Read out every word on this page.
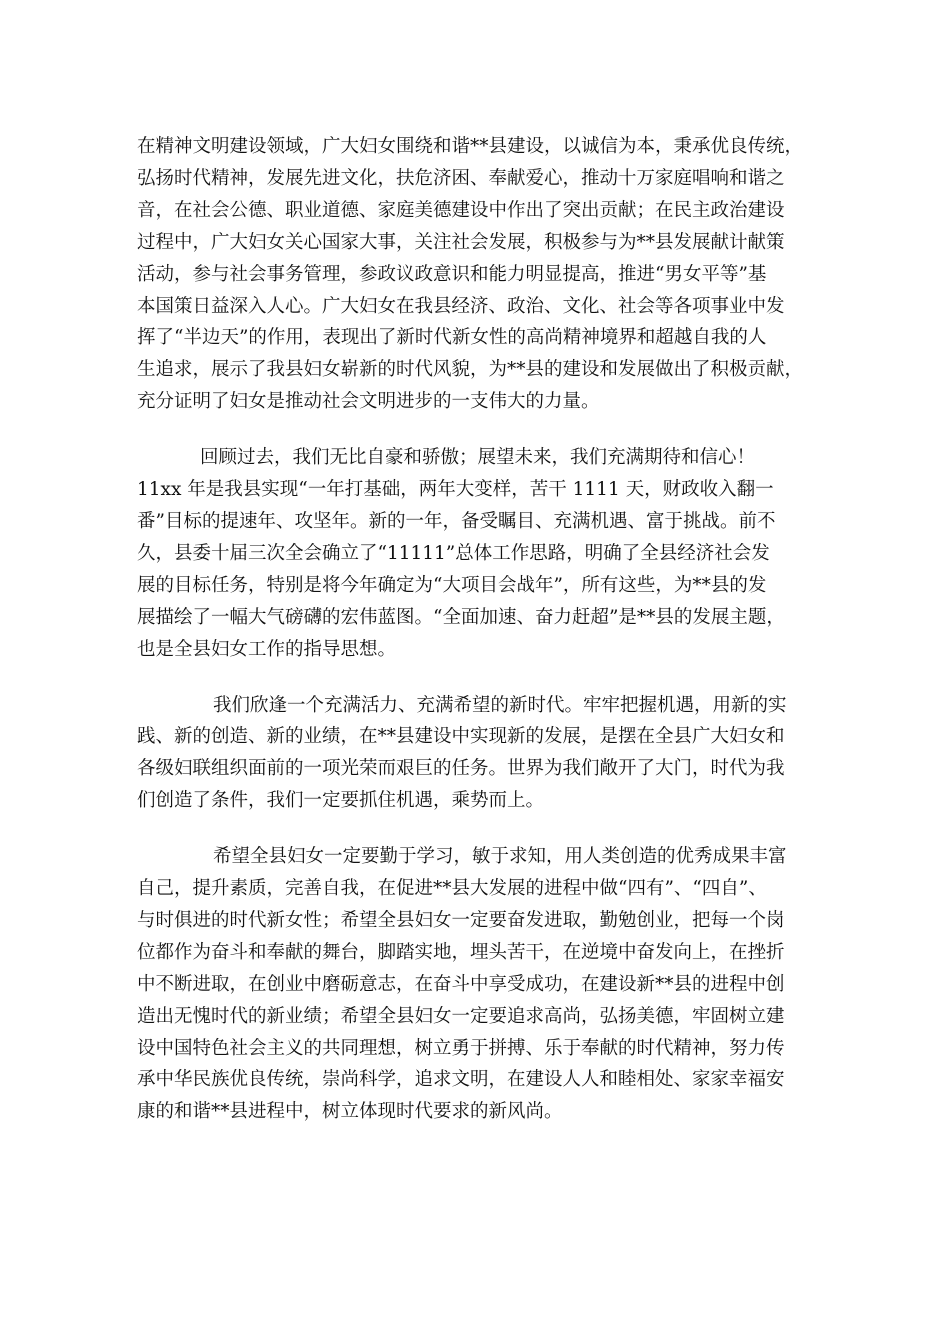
在精神文明建设领域，广大妇女围绕和谐**县建设，以诚信为本，秉承优良传统，
弘扬时代精神，发展先进文化，扶危济困、奉献爱心，推动十万家庭唱响和谐之
音，在社会公德、职业道德、家庭美德建设中作出了突出贡献；在民主政治建设
过程中，广大妇女关心国家大事，关注社会发展，积极参与为**县发展献计献策
活动，参与社会事务管理，参政议政意识和能力明显提高，推进“男女平等”基
本国策日益深入人心。广大妇女在我县经济、政治、文化、社会等各项事业中发
挥了“半边天”的作用，表现出了新时代新女性的高尚精神境界和超越自我的人
生追求，展示了我县妇女崭新的时代风貌，为**县的建设和发展做出了积极贡献，
充分证明了妇女是推动社会文明进步的一支伟大的力量。

回顾过去，我们无比自豪和骄傲；展望未来，我们充满期待和信心！
11xx 年是我县实现“一年打基础，两年大变样，苦干 1111 天，财政收入翻一
番”目标的提速年、攻坚年。新的一年，备受瞩目、充满机遇、富于挑战。前不
久，县委十届三次全会确立了“11111”总体工作思路，明确了全县经济社会发
展的目标任务，特别是将今年确定为“大项目会战年”，所有这些，为**县的发
展描绘了一幅大气磅礴的宏伟蓝图。“全面加速、奋力赶超”是**县的发展主题，
也是全县妇女工作的指导思想。

我们欣逢一个充满活力、充满希望的新时代。牢牢把握机遇，用新的实
践、新的创造、新的业绩，在**县建设中实现新的发展，是摆在全县广大妇女和
各级妇联组织面前的一项光荣而艰巨的任务。世界为我们敞开了大门，时代为我
们创造了条件，我们一定要抓住机遇，乘势而上。

希望全县妇女一定要勤于学习，敏于求知，用人类创造的优秀成果丰富
自己，提升素质，完善自我，在促进**县大发展的进程中做“四有”、“四自”、
与时俱进的时代新女性；希望全县妇女一定要奋发进取，勤勉创业，把每一个岗
位都作为奋斗和奉献的舞台，脚踏实地，埋头苦干，在逆境中奋发向上，在挫折
中不断进取，在创业中磨砺意志，在奋斗中享受成功，在建设新**县的进程中创
造出无愧时代的新业绩；希望全县妇女一定要追求高尚，弘扬美德，牢固树立建
设中国特色社会主义的共同理想，树立勇于拼搏、乐于奉献的时代精神，努力传
承中华民族优良传统，崇尚科学，追求文明，在建设人人和睦相处、家家幸福安
康的和谐**县进程中，树立体现时代要求的新风尚。
